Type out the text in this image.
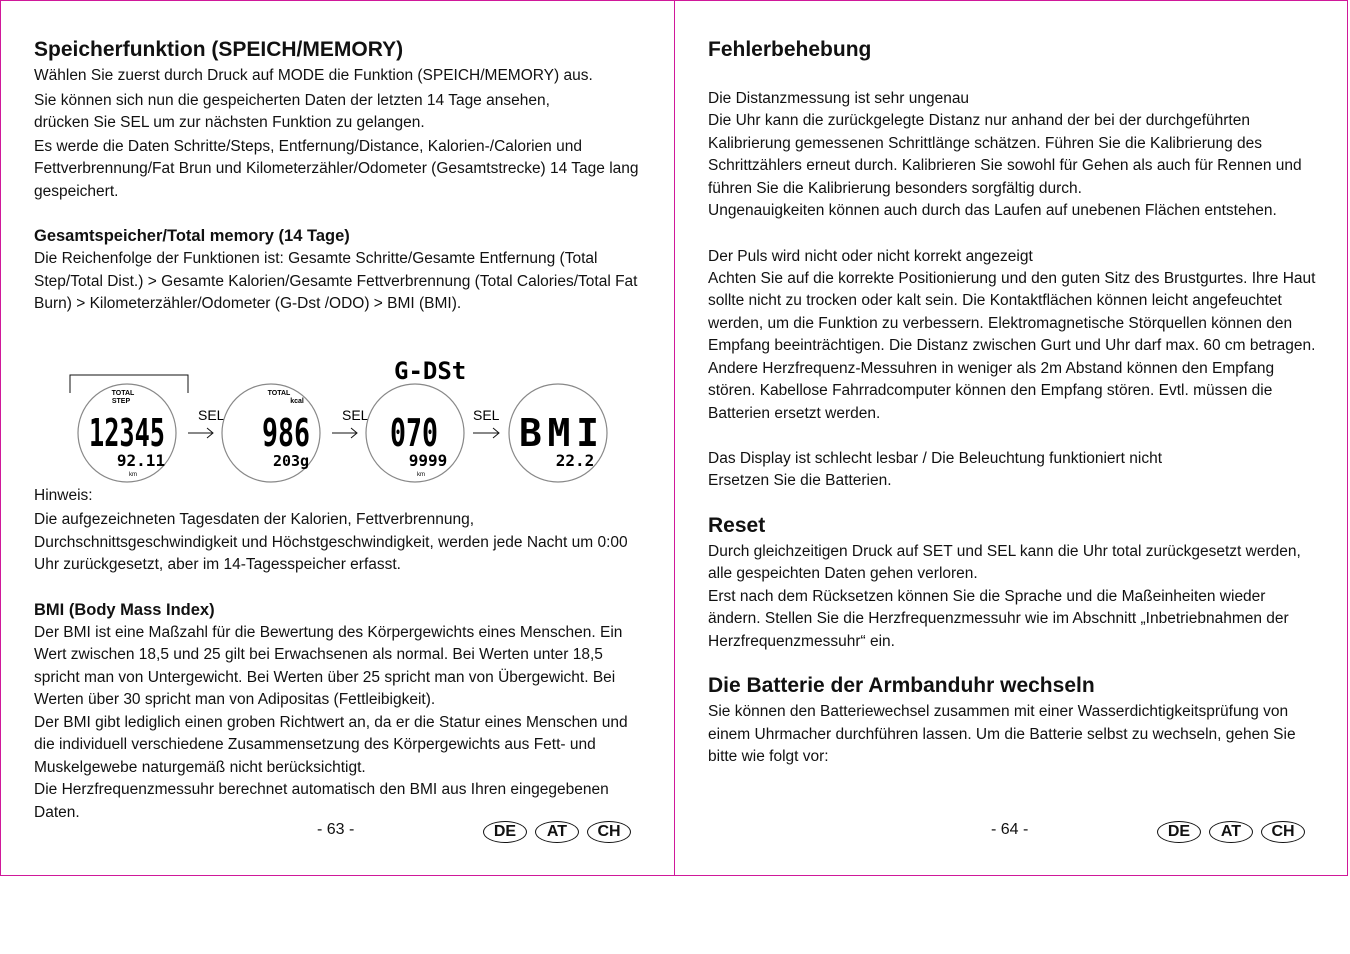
Speicherfunktion (SPEICH/MEMORY)

Wählen Sie zuerst durch Druck auf MODE die Funktion (SPEICH/MEMORY) aus.

Sie können sich nun die gespeicherten Daten der letzten 14 Tage ansehen,

drücken Sie SEL um zur nächsten Funktion zu gelangen.

Es werde die Daten Schritte/Steps, Entfernung/Distance, Kalorien-/Calorien und Fettverbrennung/Fat Brun und Kilometerzähler/Odometer (Gesamtstrecke) 14 Tage lang gespeichert.

Gesamtspeicher/Total memory (14 Tage)

Die Reichenfolge der Funktionen ist: Gesamte Schritte/Gesamte Entfernung (Total Step/Total Dist.) > Gesamte Kalorien/Gesamte Fettverbrennung (Total Calories/Total Fat Burn) > Kilometerzähler/Odometer (G-Dst /ODO) > BMI (BMI).

G-DSt
TOTAL
STEP
12345
92.11
km
SEL
TOTAL
kcal
986
203g
SEL 070
9999
km
SEL BMI
22.2
Hinweis:

Die aufgezeichneten Tagesdaten der Kalorien, Fettverbrennung, Durchschnittsgeschwindigkeit und Höchstgeschwindigkeit, werden jede Nacht um 0:00 Uhr zurückgesetzt, aber im 14-Tagesspeicher erfasst.

BMI (Body Mass Index)

Der BMI ist eine Maßzahl für die Bewertung des Körpergewichts eines Menschen. Ein Wert zwischen 18,5 und 25 gilt bei Erwachsenen als normal. Bei Werten unter 18,5 spricht man von Untergewicht. Bei Werten über 25 spricht man von Übergewicht. Bei Werten über 30 spricht man von Adipositas (Fettleibigkeit).

Der BMI gibt lediglich einen groben Richtwert an, da er die Statur eines Menschen und die individuell verschiedene Zusammensetzung des Körpergewichts aus Fett- und Muskelgewebe naturgemäß nicht berücksichtigt.

Die Herzfrequenzmessuhr berechnet automatisch den BMI aus Ihren eingegebenen Daten.

- 63 -	DE	AT	CH
Fehlerbehebung
Die Distanzmessung ist sehr ungenau

Die Uhr kann die zurückgelegte Distanz nur anhand der bei der durchgeführten Kalibrierung gemessenen Schrittlänge schätzen. Führen Sie die Kalibrierung des Schrittzählers erneut durch. Kalibrieren Sie sowohl für Gehen als auch für Rennen und führen Sie die Kalibrierung besonders sorgfältig durch.

Ungenauigkeiten können auch durch das Laufen auf unebenen Flächen entstehen.

Der Puls wird nicht oder nicht korrekt angezeigt

Achten Sie auf die korrekte Positionierung und den guten Sitz des Brustgurtes. Ihre Haut sollte nicht zu trocken oder kalt sein. Die Kontaktflächen können leicht angefeuchtet werden, um die Funktion zu verbessern. Elektromagnetische Störquellen können den Empfang beeinträchtigen. Die Distanz zwischen Gurt und Uhr darf max. 60 cm betragen. Andere Herzfrequenz-Messuhren in weniger als 2m Abstand können den Empfang stören. Kabellose Fahrradcomputer können den Empfang stören. Evtl. müssen die Batterien ersetzt werden.

Das Display ist schlecht lesbar / Die Beleuchtung funktioniert nicht

Ersetzen Sie die Batterien.

Reset

Durch gleichzeitigen Druck auf SET und SEL kann die Uhr total zurückgesetzt werden, alle gespeichten Daten gehen verloren.

Erst nach dem Rücksetzen können Sie die Sprache und die Maßeinheiten wieder ändern. Stellen Sie die Herzfrequenzmessuhr wie im Abschnitt „Inbetriebnahmen der Herzfrequenzmessuhr“ ein.

Die Batterie der Armbanduhr wechseln

Sie können den Batteriewechsel zusammen mit einer Wasserdichtigkeitsprüfung von einem Uhrmacher durchführen lassen. Um die Batterie selbst zu wechseln, gehen Sie bitte wie folgt vor:

- 64 -	DE	AT	CH
